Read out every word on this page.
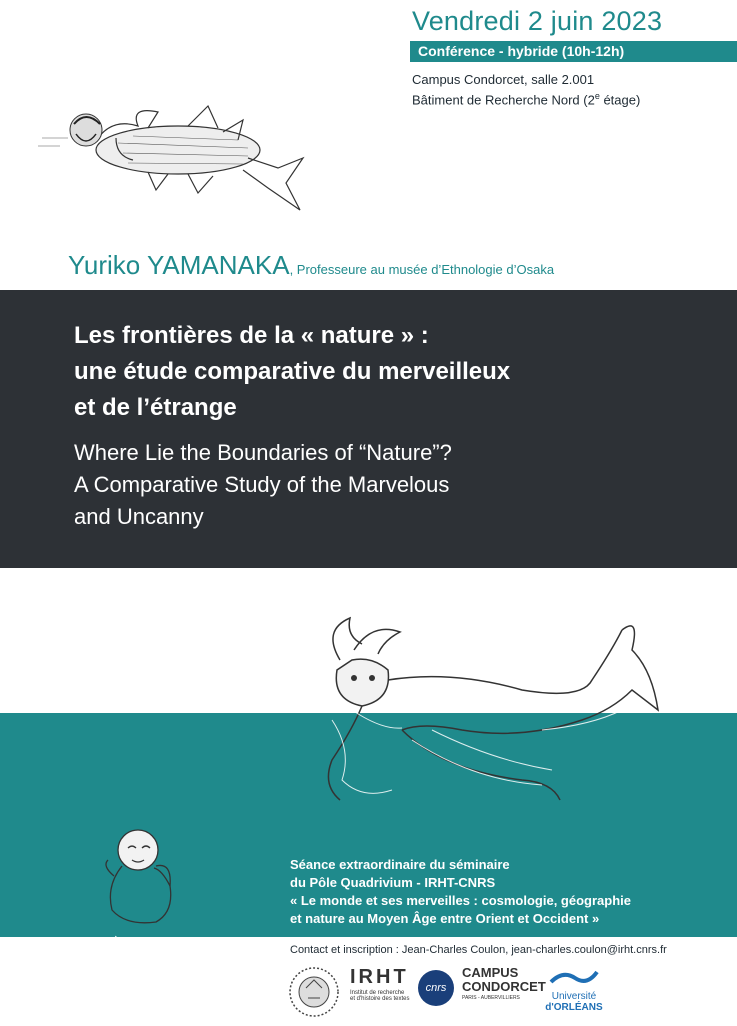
Vendredi 2 juin 2023
Conférence - hybride (10h-12h)
Campus Condorcet, salle 2.001
Bâtiment de Recherche Nord (2e étage)
Yuriko YAMANAKA, Professeure au musée d’Ethnologie d’Osaka
Les frontières de la « nature » :
une étude comparative du merveilleux
et de l’étrange
Where Lie the Boundaries of “Nature”?
A Comparative Study of the Marvelous
and Uncanny
Séance extraordinaire du séminaire
du Pôle Quadrivium - IRHT-CNRS
« Le monde et ses merveilles : cosmologie, géographie
et nature au Moyen Âge entre Orient et Occident »
Contact et inscription : Jean-Charles Coulon, jean-charles.coulon@irht.cnrs.fr
IRHT
Institut de recherche
et d'histoire des textes
cnrs
CAMPUS
CONDORCET
PARIS - AUBERVILLIERS	Université
d'ORLÉANS
